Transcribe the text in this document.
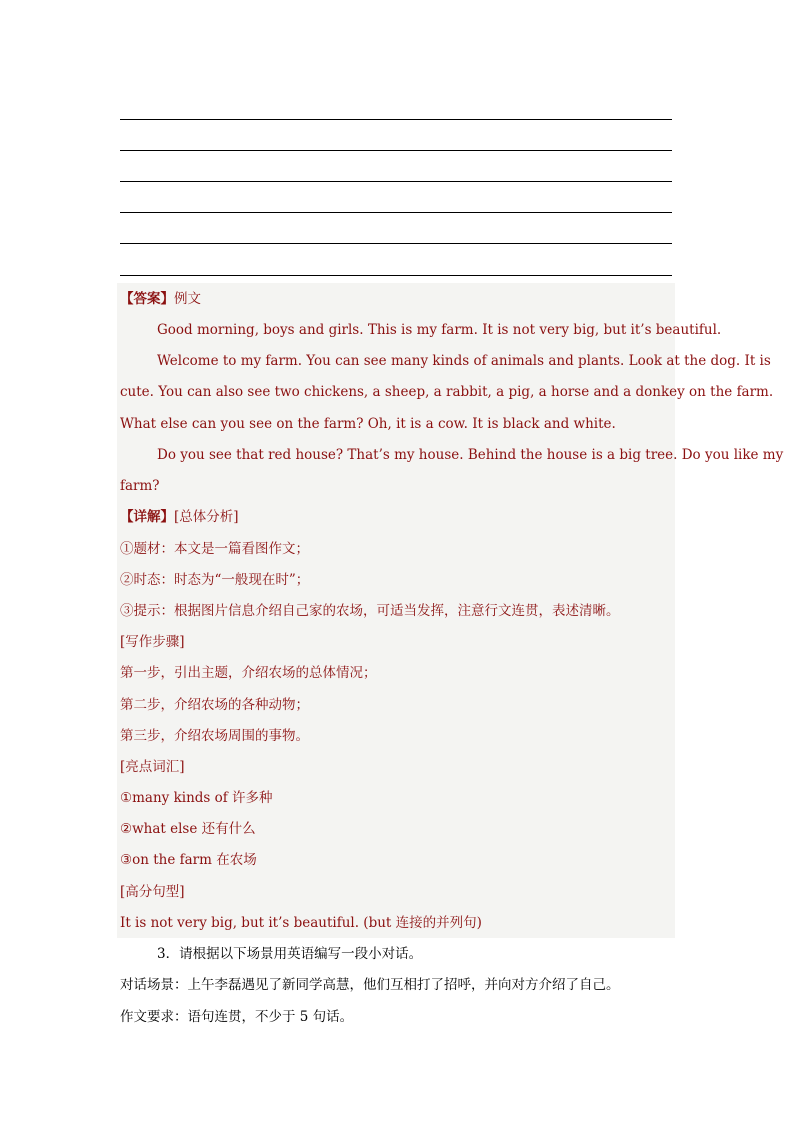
【答案】例文
Good morning, boys and girls. This is my farm. It is not very big, but it’s beautiful.
Welcome to my farm. You can see many kinds of animals and plants. Look at the dog. It is
cute. You can also see two chickens, a sheep, a rabbit, a pig, a horse and a donkey on the farm.
What else can you see on the farm? Oh, it is a cow. It is black and white.
Do you see that red house? That’s my house. Behind the house is a big tree. Do you like my
farm?
【详解】[总体分析]
①题材：本文是一篇看图作文；
②时态：时态为“一般现在时”；
③提示：根据图片信息介绍自己家的农场，可适当发挥，注意行文连贯，表述清晰。
[写作步骤]
第一步，引出主题，介绍农场的总体情况；
第二步，介绍农场的各种动物；
第三步，介绍农场周围的事物。
[亮点词汇]
①many kinds of 许多种
②what else 还有什么
③on the farm 在农场
[高分句型]
It is not very big, but it’s beautiful. (but 连接的并列句)
3．请根据以下场景用英语编写一段小对话。
对话场景：上午李磊遇见了新同学高慧，他们互相打了招呼，并向对方介绍了自己。
作文要求：语句连贯，不少于 5 句话。
